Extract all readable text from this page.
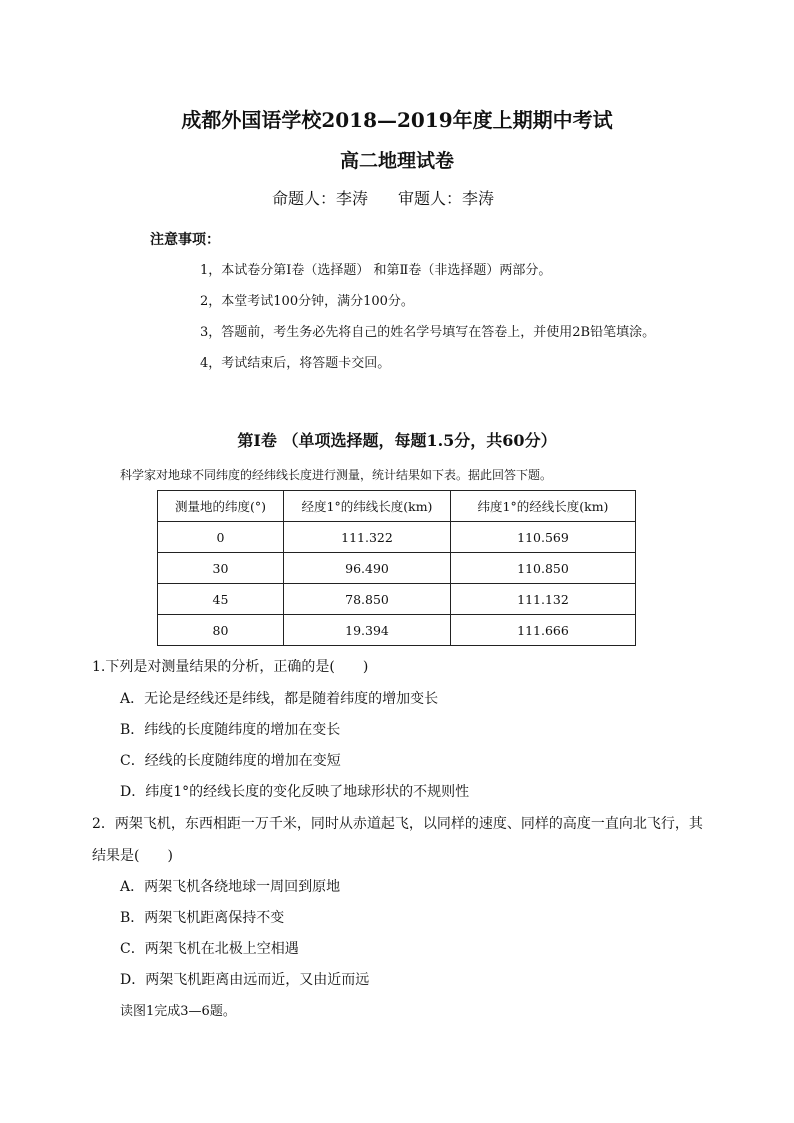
成都外国语学校2018—2019年度上期期中考试
高二地理试卷
命题人：李涛 审题人：李涛
注意事项：
1，本试卷分第Ⅰ卷（选择题） 和第Ⅱ卷（非选择题）两部分。
2，本堂考试100分钟，满分100分。
3，答题前，考生务必先将自己的姓名学号填写在答卷上，并使用2B铅笔填涂。
4，考试结束后，将答题卡交回。
第Ⅰ卷 （单项选择题，每题1.5分，共60分）
科学家对地球不同纬度的经纬线长度进行测量，统计结果如下表。据此回答下题。
测量地的纬度(°)	经度1°的纬线长度(km)	纬度1°的经线长度(km)
0	111.322	110.569
30	96.490	110.850
45	78.850	111.132
80	19.394	111.666
1.下列是对测量结果的分析，正确的是(　　)
A．无论是经线还是纬线，都是随着纬度的增加变长
B．纬线的长度随纬度的增加在变长
C．经线的长度随纬度的增加在变短
D．纬度1°的经线长度的变化反映了地球形状的不规则性
2．两架飞机，东西相距一万千米，同时从赤道起飞，以同样的速度、同样的高度一直向北飞行，其
结果是(　　)
A．两架飞机各绕地球一周回到原地
B．两架飞机距离保持不变
C．两架飞机在北极上空相遇
D．两架飞机距离由远而近，又由近而远
读图1完成3—6题。
